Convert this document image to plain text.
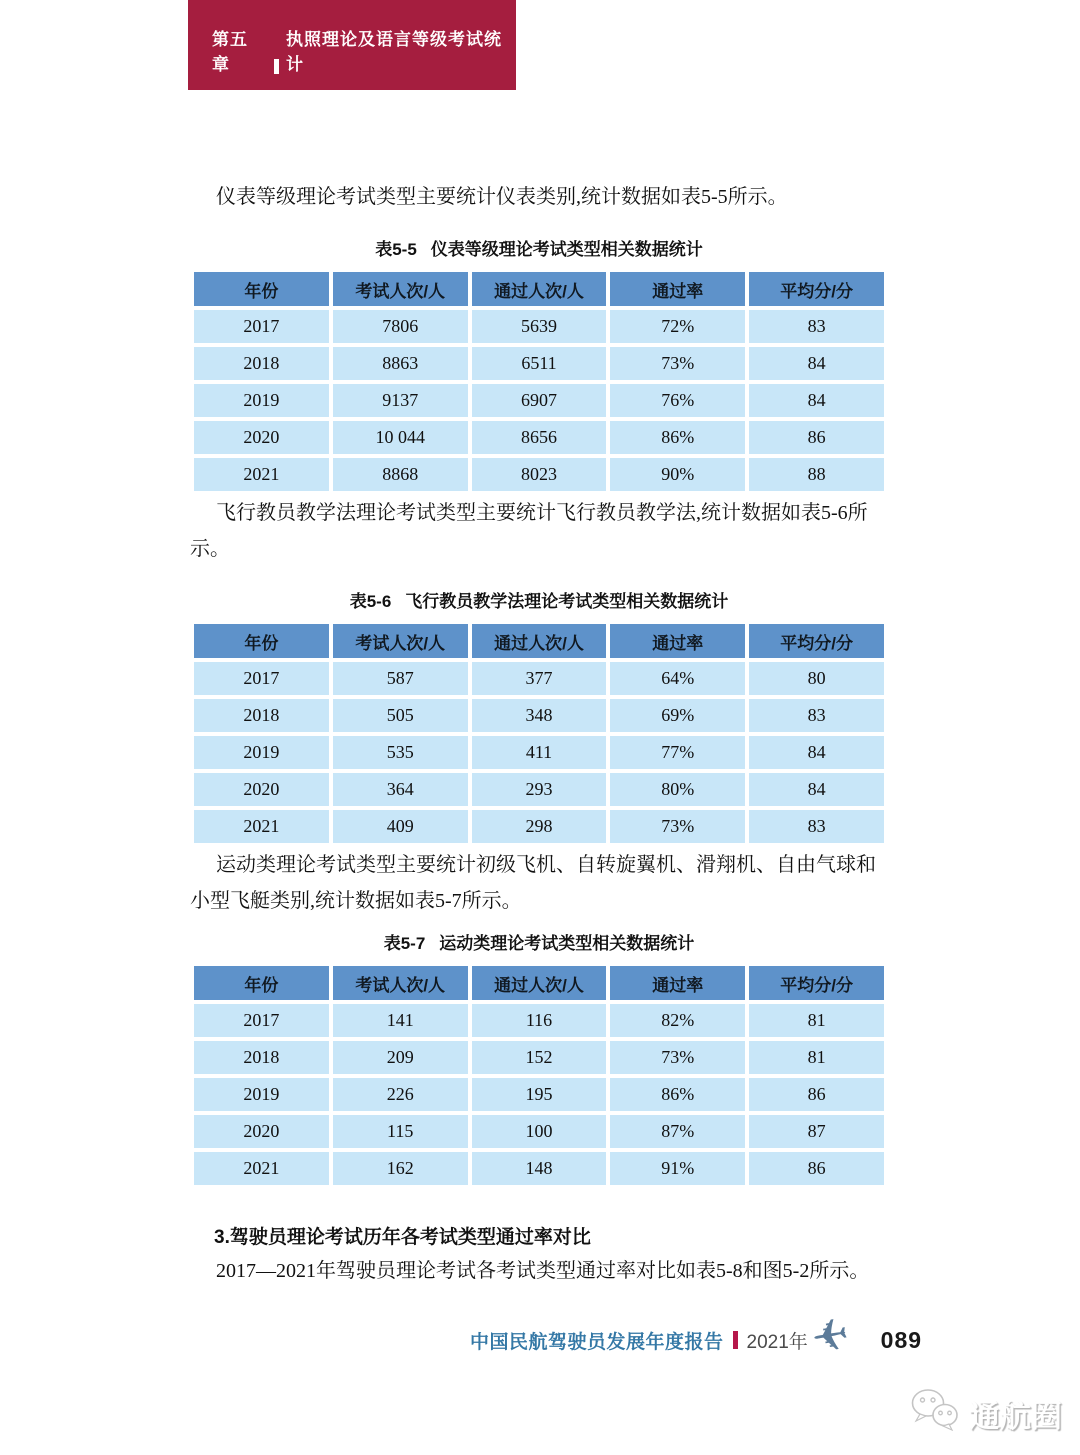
第五章
执照理论及语言等级考试统计

仪表等级理论考试类型主要统计仪表类别,统计数据如表5-5所示。

表5-5 仪表等级理论考试类型相关数据统计
年份	考试人次/人	通过人次/人	通过率	平均分/分
2017	7806	5639	72%	83
2018	8863	6511	73%	84
2019	9137	6907	76%	84
2020	10 044	8656	86%	86
2021	8868	8023	90%	88

飞行教员教学法理论考试类型主要统计飞行教员教学法,统计数据如表5-6所示。

表5-6 飞行教员教学法理论考试类型相关数据统计
年份	考试人次/人	通过人次/人	通过率	平均分/分
2017	587	377	64%	80
2018	505	348	69%	83
2019	535	411	77%	84
2020	364	293	80%	84
2021	409	298	73%	83

运动类理论考试类型主要统计初级飞机、自转旋翼机、滑翔机、自由气球和小型飞艇类别,统计数据如表5-7所示。

表5-7 运动类理论考试类型相关数据统计
年份	考试人次/人	通过人次/人	通过率	平均分/分
2017	141	116	82%	81
2018	209	152	73%	81
2019	226	195	86%	86
2020	115	100	87%	87
2021	162	148	91%	86

3.驾驶员理论考试历年各考试类型通过率对比

2017—2021年驾驶员理论考试各考试类型通过率对比如表5-8和图5-2所示。

中国民航驾驶员发展年度报告 2021年 ✈ 089
通航圈
